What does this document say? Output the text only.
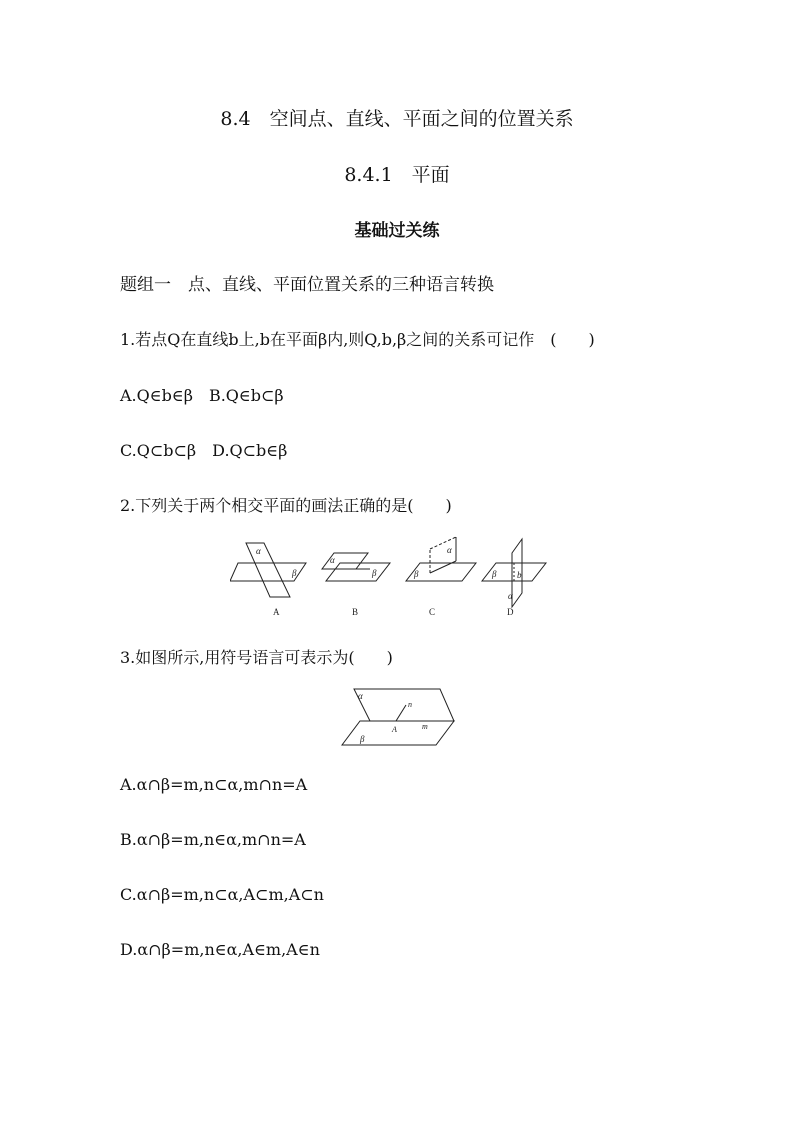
8.4　空间点、直线、平面之间的位置关系
8.4.1　平面
基础过关练
题组一　点、直线、平面位置关系的三种语言转换
1.若点Q在直线b上,b在平面β内,则Q,b,β之间的关系可记作　(　　)
A.Q∈b∈β　B.Q∈b⊂β
C.Q⊂b⊂β　D.Q⊂b∈β
2.下列关于两个相交平面的画法正确的是(　　)
α
β
α
β
α
β	β b
α
A	B	C	D
3.如图所示,用符号语言可表示为(　　)
α
β
n
m
A
A.α∩β=m,n⊂α,m∩n=A
B.α∩β=m,n∈α,m∩n=A
C.α∩β=m,n⊂α,A⊂m,A⊂n
D.α∩β=m,n∈α,A∈m,A∈n
